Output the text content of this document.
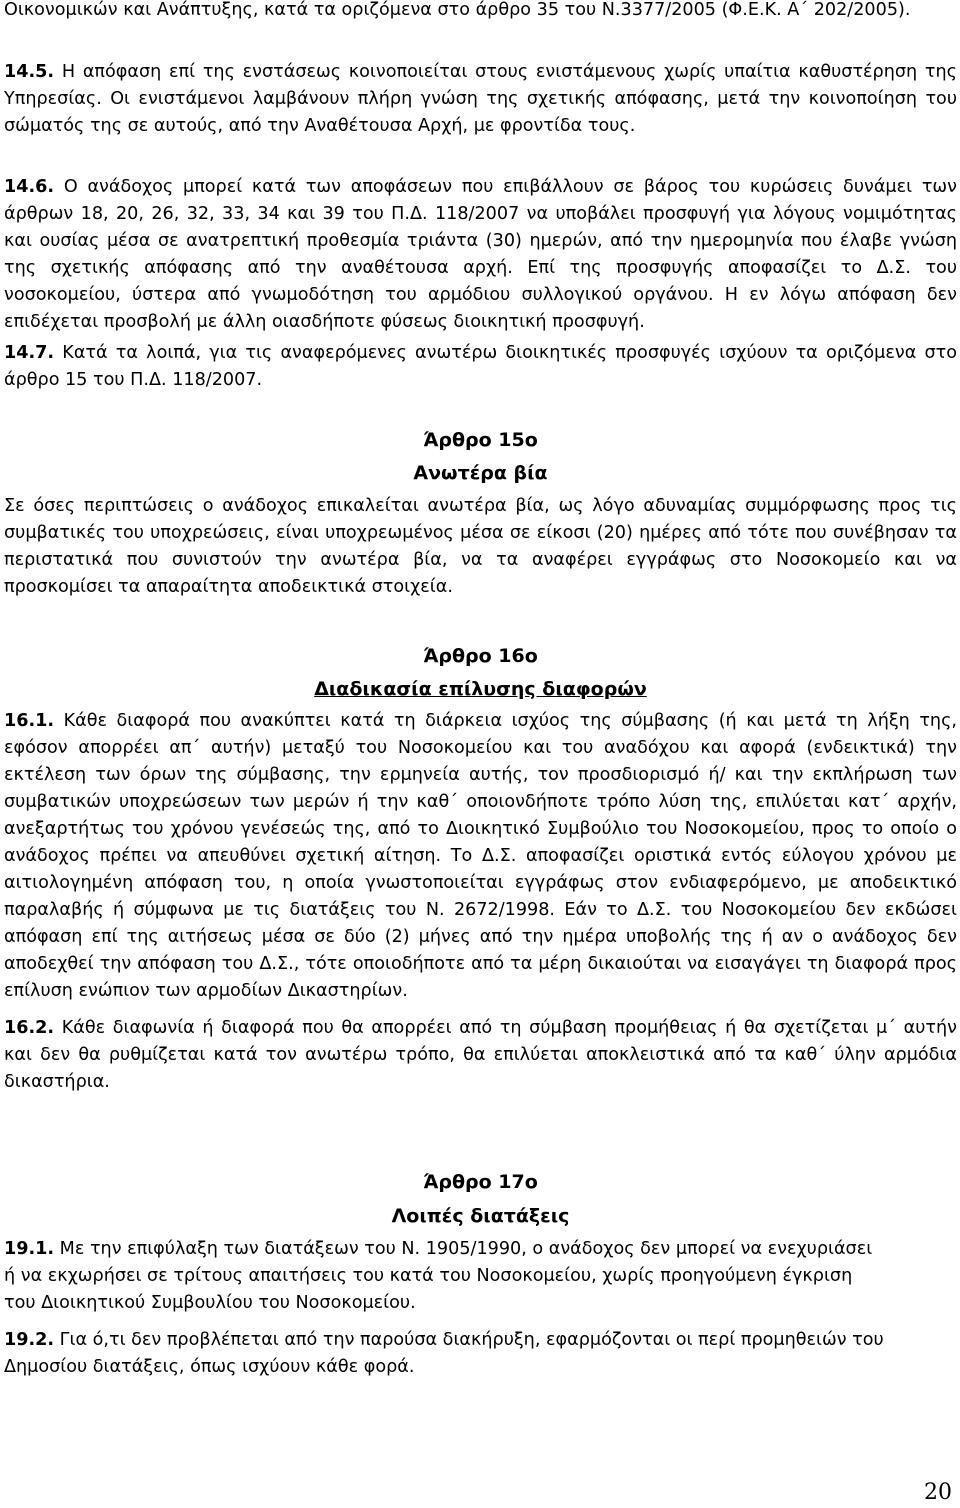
Οικονομικών και Ανάπτυξης, κατά τα οριζόμενα στο άρθρο 35 του Ν.3377/2005 (Φ.Ε.Κ. Α΄ 202/2005).

14.5. Η απόφαση επί της ενστάσεως κοινοποιείται στους ενιστάμενους χωρίς υπαίτια καθυστέρηση της Υπηρεσίας. Οι ενιστάμενοι λαμβάνουν πλήρη γνώση της σχετικής απόφασης, μετά την κοινοποίηση του σώματός της σε αυτούς, από την Αναθέτουσα Αρχή, με φροντίδα τους.

14.6. Ο ανάδοχος μπορεί κατά των αποφάσεων που επιβάλλουν σε βάρος του κυρώσεις δυνάμει των άρθρων 18, 20, 26, 32, 33, 34 και 39 του Π.Δ. 118/2007 να υποβάλει προσφυγή για λόγους νομιμότητας και ουσίας μέσα σε ανατρεπτική προθεσμία τριάντα (30) ημερών, από την ημερομηνία που έλαβε γνώση της σχετικής απόφασης από την αναθέτουσα αρχή. Επί της προσφυγής αποφασίζει το Δ.Σ. του νοσοκομείου, ύστερα από γνωμοδότηση του αρμόδιου συλλογικού οργάνου. Η εν λόγω απόφαση δεν επιδέχεται προσβολή με άλλη οιασδήποτε φύσεως διοικητική προσφυγή.

14.7. Κατά τα λοιπά, για τις αναφερόμενες ανωτέρω διοικητικές προσφυγές ισχύουν τα οριζόμενα στο άρθρο 15 του Π.Δ. 118/2007.

Άρθρο 15ο
Ανωτέρα βία

Σε όσες περιπτώσεις ο ανάδοχος επικαλείται ανωτέρα βία, ως λόγο αδυναμίας συμμόρφωσης προς τις συμβατικές του υποχρεώσεις, είναι υποχρεωμένος μέσα σε είκοσι (20) ημέρες από τότε που συνέβησαν τα περιστατικά που συνιστούν την ανωτέρα βία, να τα αναφέρει εγγράφως στο Νοσοκομείο και να προσκομίσει τα απαραίτητα αποδεικτικά στοιχεία.

Άρθρο 16ο
Διαδικασία επίλυσης διαφορών

16.1. Κάθε διαφορά που ανακύπτει κατά τη διάρκεια ισχύος της σύμβασης (ή και μετά τη λήξη της, εφόσον απορρέει απ΄ αυτήν) μεταξύ του Νοσοκομείου και του αναδόχου και αφορά (ενδεικτικά) την εκτέλεση των όρων της σύμβασης, την ερμηνεία αυτής, τον προσδιορισμό ή/ και την εκπλήρωση των συμβατικών υποχρεώσεων των μερών ή την καθ΄ οποιονδήποτε τρόπο λύση της, επιλύεται κατ΄ αρχήν, ανεξαρτήτως του χρόνου γενέσεώς της, από το Διοικητικό Συμβούλιο του Νοσοκομείου, προς το οποίο ο ανάδοχος πρέπει να απευθύνει σχετική αίτηση. Το Δ.Σ. αποφασίζει οριστικά εντός εύλογου χρόνου με αιτιολογημένη απόφαση του, η οποία γνωστοποιείται εγγράφως στον ενδιαφερόμενο, με αποδεικτικό παραλαβής ή σύμφωνα με τις διατάξεις του Ν. 2672/1998. Εάν το Δ.Σ. του Νοσοκομείου δεν εκδώσει απόφαση επί της αιτήσεως μέσα σε δύο (2) μήνες από την ημέρα υποβολής της ή αν ο ανάδοχος δεν αποδεχθεί την απόφαση του Δ.Σ., τότε οποιοδήποτε από τα μέρη δικαιούται να εισαγάγει τη διαφορά προς επίλυση ενώπιον των αρμοδίων Δικαστηρίων.

16.2. Κάθε διαφωνία ή διαφορά που θα απορρέει από τη σύμβαση προμήθειας ή θα σχετίζεται μ΄ αυτήν και δεν θα ρυθμίζεται κατά τον ανωτέρω τρόπο, θα επιλύεται αποκλειστικά από τα καθ΄ ύλην αρμόδια δικαστήρια.

Άρθρο 17ο
Λοιπές διατάξεις

19.1. Με την επιφύλαξη των διατάξεων του Ν. 1905/1990, ο ανάδοχος δεν μπορεί να ενεχυριάσει ή να εκχωρήσει σε τρίτους απαιτήσεις του κατά του Νοσοκομείου, χωρίς προηγούμενη έγκριση του Διοικητικού Συμβουλίου του Νοσοκομείου.

19.2. Για ό,τι δεν προβλέπεται από την παρούσα διακήρυξη, εφαρμόζονται οι περί προμηθειών του Δημοσίου διατάξεις, όπως ισχύουν κάθε φορά.

20
